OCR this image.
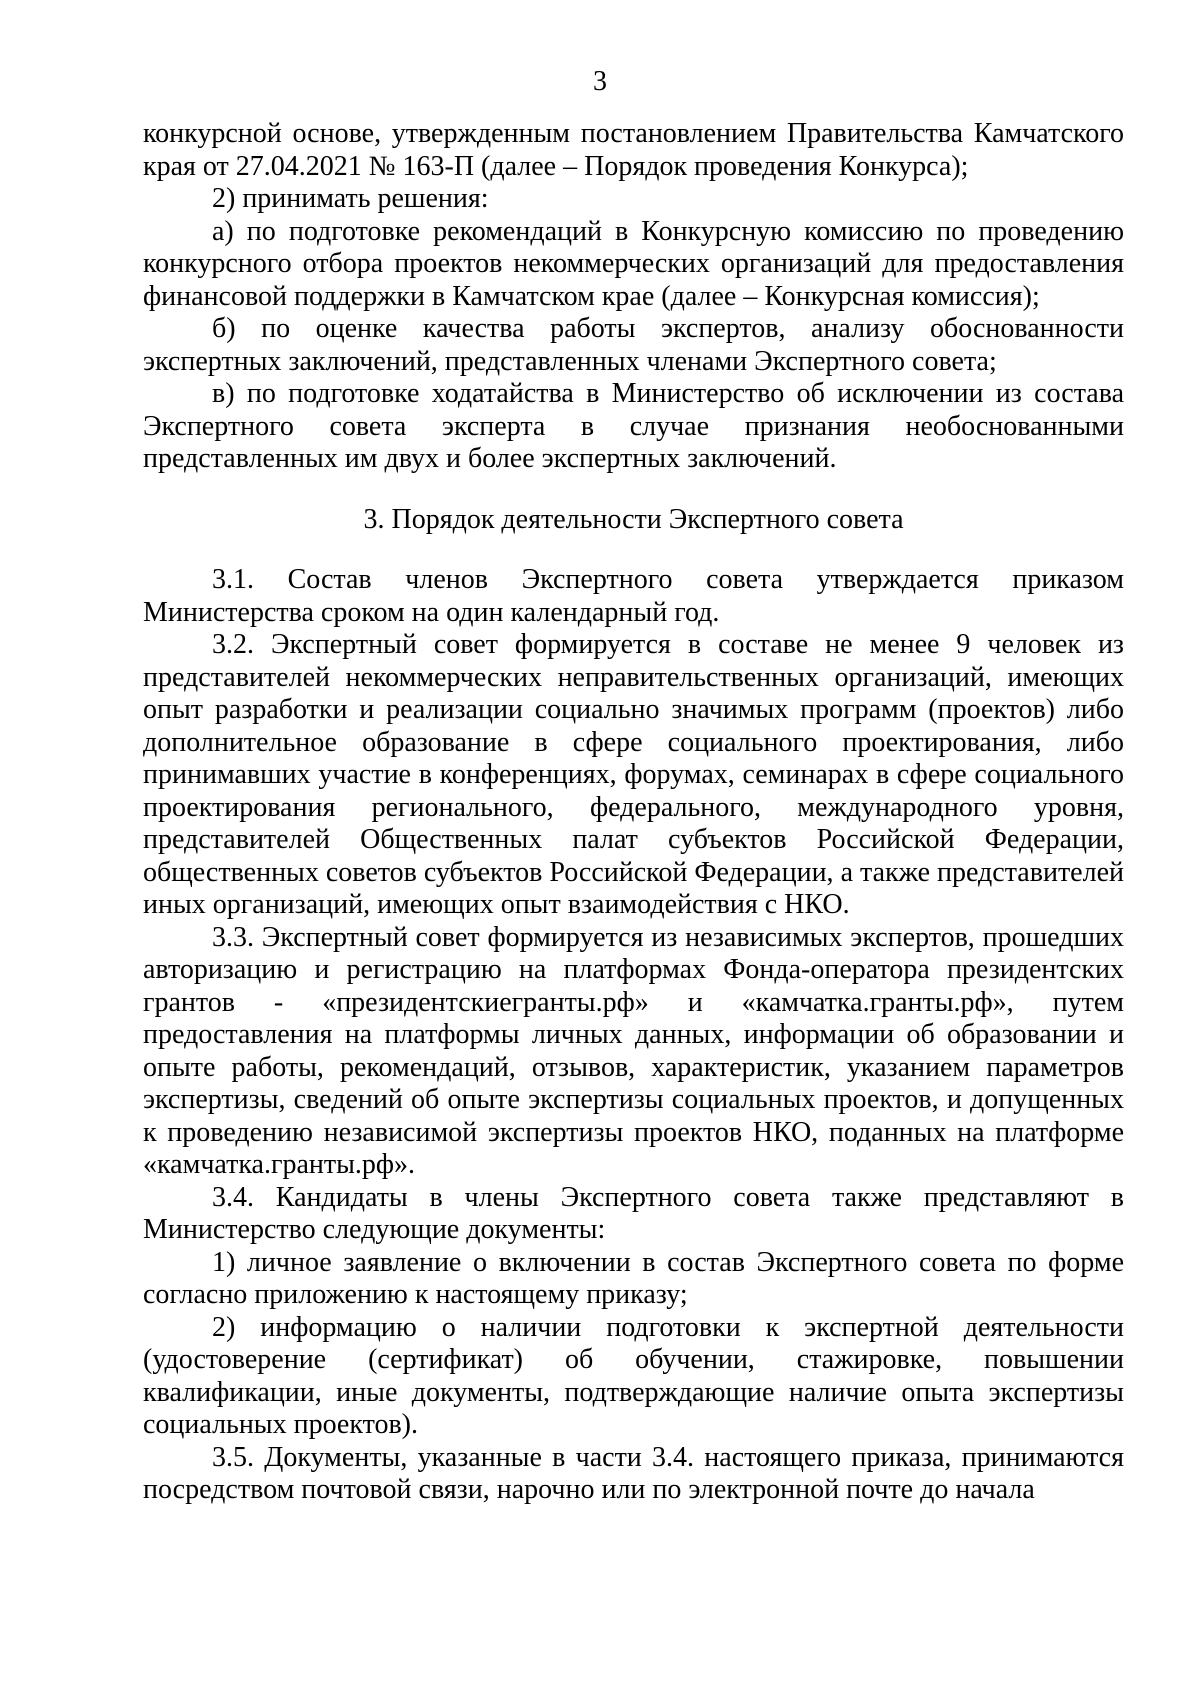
3

конкурсной основе, утвержденным постановлением Правительства Камчатского края от 27.04.2021 № 163-П (далее – Порядок проведения Конкурса);

2) принимать решения:

а) по подготовке рекомендаций в Конкурсную комиссию по проведению конкурсного отбора проектов некоммерческих организаций для предоставления финансовой поддержки в Камчатском крае (далее – Конкурсная комиссия);

б) по оценке качества работы экспертов, анализу обоснованности экспертных заключений, представленных членами Экспертного совета;

в) по подготовке ходатайства в Министерство об исключении из состава Экспертного совета эксперта в случае признания необоснованными представленных им двух и более экспертных заключений.

3. Порядок деятельности Экспертного совета

3.1. Состав членов Экспертного совета утверждается приказом Министерства сроком на один календарный год.

3.2. Экспертный совет формируется в составе не менее 9 человек из представителей некоммерческих неправительственных организаций, имеющих опыт разработки и реализации социально значимых программ (проектов) либо дополнительное образование в сфере социального проектирования, либо принимавших участие в конференциях, форумах, семинарах в сфере социального проектирования регионального, федерального, международного уровня, представителей Общественных палат субъектов Российской Федерации, общественных советов субъектов Российской Федерации, а также представителей иных организаций, имеющих опыт взаимодействия с НКО.

3.3. Экспертный совет формируется из независимых экспертов, прошедших авторизацию и регистрацию на платформах Фонда-оператора президентских грантов - «президентскиегранты.рф» и «камчатка.гранты.рф», путем предоставления на платформы личных данных, информации об образовании и опыте работы, рекомендаций, отзывов, характеристик, указанием параметров экспертизы, сведений об опыте экспертизы социальных проектов, и допущенных к проведению независимой экспертизы проектов НКО, поданных на платформе «камчатка.гранты.рф».

3.4. Кандидаты в члены Экспертного совета также представляют в Министерство следующие документы:

1) личное заявление о включении в состав Экспертного совета по форме согласно приложению к настоящему приказу;

2) информацию о наличии подготовки к экспертной деятельности (удостоверение (сертификат) об обучении, стажировке, повышении квалификации, иные документы, подтверждающие наличие опыта экспертизы социальных проектов).

3.5. Документы, указанные в части 3.4. настоящего приказа, принимаются посредством почтовой связи, нарочно или по электронной почте до начала
